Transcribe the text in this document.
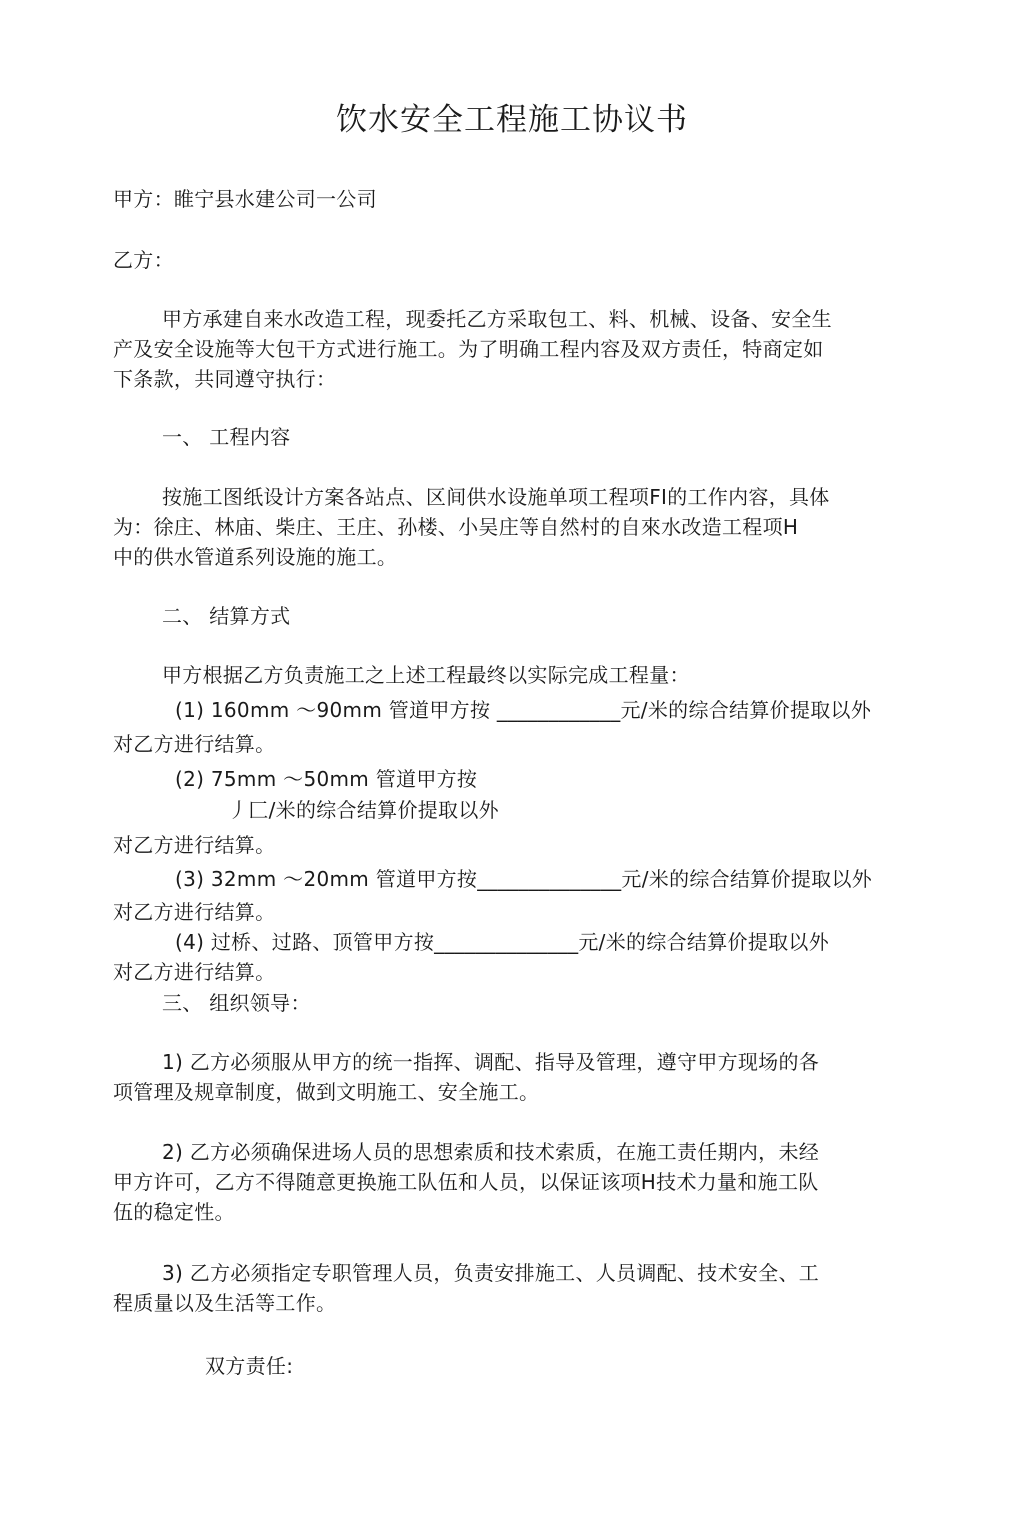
饮水安全工程施工协议书
甲方：睢宁县水建公司一公司
乙方：
甲方承建自来水改造工程，现委托乙方采取包工、料、机械、设备、安全生
产及安全设施等大包干方式进行施工。为了明确工程内容及双方责任，特商定如
下条款，共同遵守执行：
一、 工程内容
按施工图纸设计方案各站点、区间供水设施单项工程项FI的工作内容，具体
为：徐庄、林庙、柴庄、王庄、孙楼、小吴庄等自然村的自來水改造工程项H
中的供水管道系列设施的施工。
二、 结算方式
甲方根据乙方负责施工之上述工程最终以实际完成工程量：
(1) 160mm ～90mm 管道甲方按 ____________元/米的综合结算价提取以外
对乙方进行结算。
(2) 75mm ～50mm 管道甲方按
丿匚/米的综合结算价提取以外
对乙方进行结算。
(3) 32mm ～20mm 管道甲方按______________元/米的综合结算价提取以外
对乙方进行结算。
(4) 过桥、过路、顶管甲方按______________元/米的综合结算价提取以外
对乙方进行结算。
三、 组织领导：
1) 乙方必须服从甲方的统一指挥、调配、指导及管理，遵守甲方现场的各
项管理及规章制度，做到文明施工、安全施工。
2) 乙方必须确保进场人员的思想索质和技术索质，在施工责任期内，未经
甲方许可，乙方不得随意更换施工队伍和人员，以保证该项H技术力量和施工队
伍的稳定性。
3) 乙方必须指定专职管理人员，负责安排施工、人员调配、技术安全、工
程质量以及生活等工作。
双方责任:
